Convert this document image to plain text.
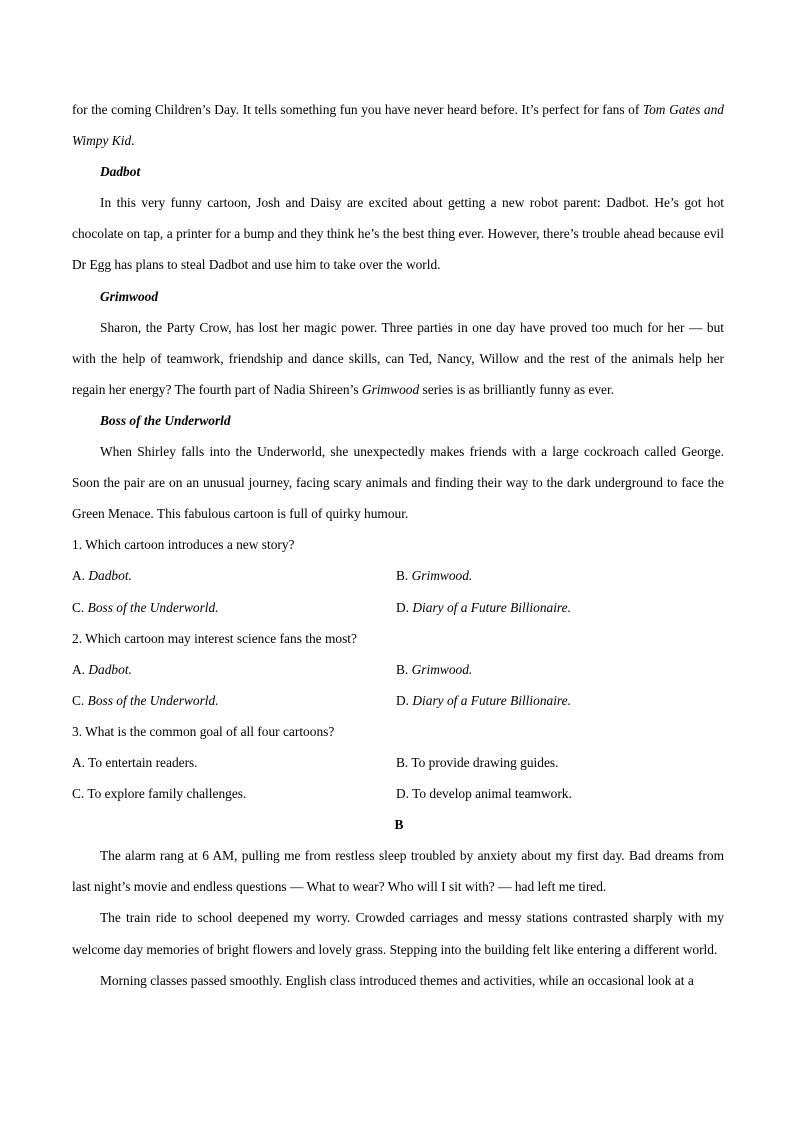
for the coming Children’s Day. It tells something fun you have never heard before. It’s perfect for fans of Tom Gates and Wimpy Kid.

Dadbot

In this very funny cartoon, Josh and Daisy are excited about getting a new robot parent: Dadbot. He’s got hot chocolate on tap, a printer for a bump and they think he’s the best thing ever. However, there’s trouble ahead because evil Dr Egg has plans to steal Dadbot and use him to take over the world.

Grimwood

Sharon, the Party Crow, has lost her magic power. Three parties in one day have proved too much for her — but with the help of teamwork, friendship and dance skills, can Ted, Nancy, Willow and the rest of the animals help her regain her energy? The fourth part of Nadia Shireen’s Grimwood series is as brilliantly funny as ever.

Boss of the Underworld

When Shirley falls into the Underworld, she unexpectedly makes friends with a large cockroach called George. Soon the pair are on an unusual journey, facing scary animals and finding their way to the dark underground to face the Green Menace. This fabulous cartoon is full of quirky humour.

1. Which cartoon introduces a new story?

A. Dadbot.	B. Grimwood.
C. Boss of the Underworld.	D. Diary of a Future Billionaire.

2. Which cartoon may interest science fans the most?

A. Dadbot.	B. Grimwood.
C. Boss of the Underworld.	D. Diary of a Future Billionaire.

3. What is the common goal of all four cartoons?

A. To entertain readers.	B. To provide drawing guides.
C. To explore family challenges.	D. To develop animal teamwork.

B

The alarm rang at 6 AM, pulling me from restless sleep troubled by anxiety about my first day. Bad dreams from last night’s movie and endless questions — What to wear? Who will I sit with? — had left me tired.

The train ride to school deepened my worry. Crowded carriages and messy stations contrasted sharply with my welcome day memories of bright flowers and lovely grass. Stepping into the building felt like entering a different world.

Morning classes passed smoothly. English class introduced themes and activities, while an occasional look at a
